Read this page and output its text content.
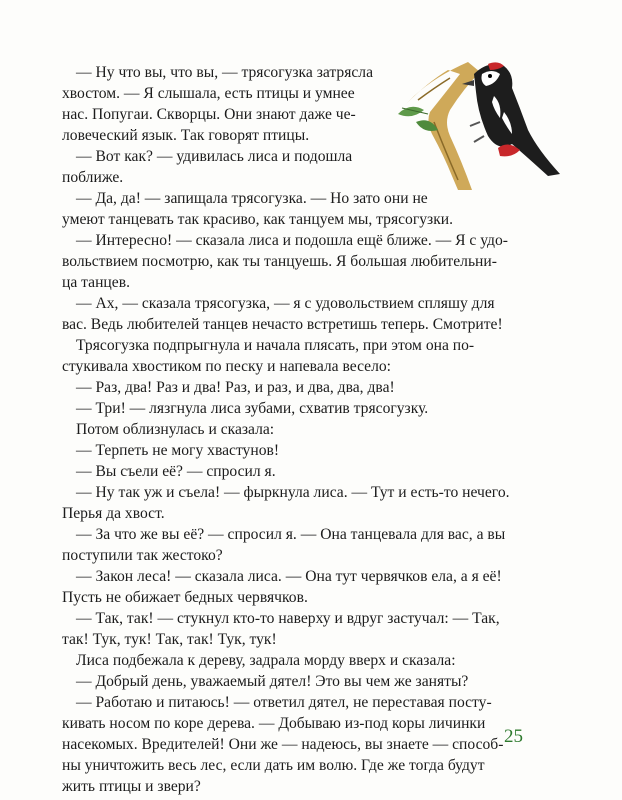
— Ну что вы, что вы, — трясогузка затрясла
хвостом. — Я слышала, есть птицы и умнее
нас. Попугаи. Скворцы. Они знают даже че-
ловеческий язык. Так говорят птицы.
— Вот как? — удивилась лиса и подошла
поближе.
— Да, да! — запищала трясогузка. — Но зато они не
умеют танцевать так красиво, как танцуем мы, трясогузки.
— Интересно! — сказала лиса и подошла ещё ближе. — Я с удо-
вольствием посмотрю, как ты танцуешь. Я большая любительни-
ца танцев.
— Ах, — сказала трясогузка, — я с удовольствием спляшу для
вас. Ведь любителей танцев нечасто встретишь теперь. Смотрите!
Трясогузка подпрыгнула и начала плясать, при этом она по-
стукивала хвостиком по песку и напевала весело:
— Раз, два! Раз и два! Раз, и раз, и два, два, два!
— Три! — лязгнула лиса зубами, схватив трясогузку.
Потом облизнулась и сказала:
— Терпеть не могу хвастунов!
— Вы съели её? — спросил я.
— Ну так уж и съела! — фыркнула лиса. — Тут и есть-то нечего.
Перья да хвост.
— За что же вы её? — спросил я. — Она танцевала для вас, а вы
поступили так жестоко?
— Закон леса! — сказала лиса. — Она тут червячков ела, а я её!
Пусть не обижает бедных червячков.
— Так, так! — стукнул кто-то наверху и вдруг застучал: — Так,
так! Тук, тук! Так, так! Тук, тук!
Лиса подбежала к дереву, задрала морду вверх и сказала:
— Добрый день, уважаемый дятел! Это вы чем же заняты?
— Работаю и питаюсь! — ответил дятел, не переставая посту-
кивать носом по коре дерева. — Добываю из-под коры личинки
насекомых. Вредителей! Они же — надеюсь, вы знаете — способ-
ны уничтожить весь лес, если дать им волю. Где же тогда будут
жить птицы и звери?
25
